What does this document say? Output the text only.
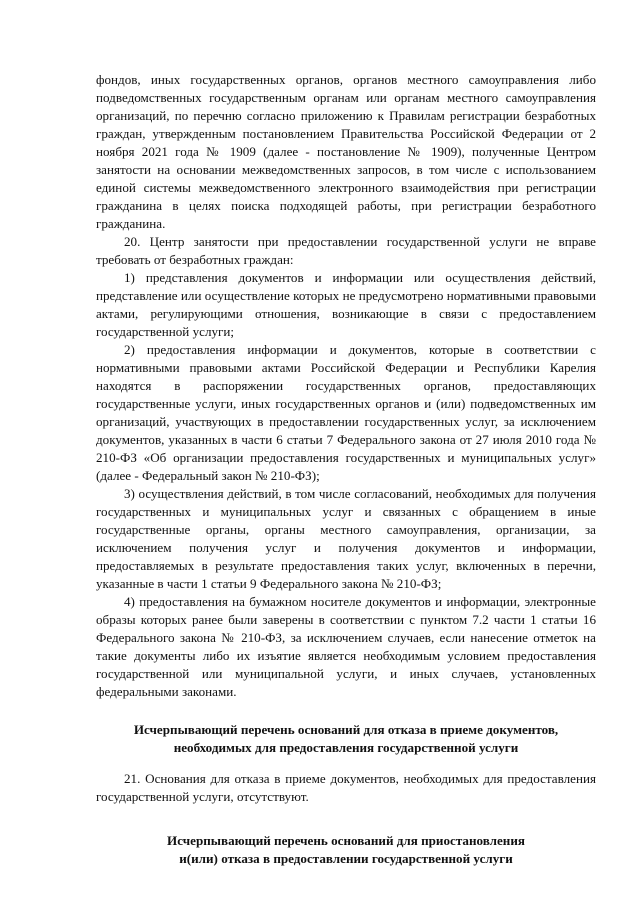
фондов, иных государственных органов, органов местного самоуправления либо подведомственных государственным органам или органам местного самоуправления организаций, по перечню согласно приложению к Правилам регистрации безработных граждан, утвержденным постановлением Правительства Российской Федерации от 2 ноября 2021 года № 1909 (далее - постановление № 1909), полученные Центром занятости на основании межведомственных запросов, в том числе с использованием единой системы межведомственного электронного взаимодействия при регистрации гражданина в целях поиска подходящей работы, при регистрации безработного гражданина.

20. Центр занятости при предоставлении государственной услуги не вправе требовать от безработных граждан:

1) представления документов и информации или осуществления действий, представление или осуществление которых не предусмотрено нормативными правовыми актами, регулирующими отношения, возникающие в связи с предоставлением государственной услуги;

2) предоставления информации и документов, которые в соответствии с нормативными правовыми актами Российской Федерации и Республики Карелия находятся в распоряжении государственных органов, предоставляющих государственные услуги, иных государственных органов и (или) подведомственных им организаций, участвующих в предоставлении государственных услуг, за исключением документов, указанных в части 6 статьи 7 Федерального закона от 27 июля 2010 года № 210-ФЗ «Об организации предоставления государственных и муниципальных услуг» (далее - Федеральный закон № 210-ФЗ);

3) осуществления действий, в том числе согласований, необходимых для получения государственных и муниципальных услуг и связанных с обращением в иные государственные органы, органы местного самоуправления, организации, за исключением получения услуг и получения документов и информации, предоставляемых в результате предоставления таких услуг, включенных в перечни, указанные в части 1 статьи 9 Федерального закона № 210-ФЗ;

4) предоставления на бумажном носителе документов и информации, электронные образы которых ранее были заверены в соответствии с пунктом 7.2 части 1 статьи 16 Федерального закона № 210-ФЗ, за исключением случаев, если нанесение отметок на такие документы либо их изъятие является необходимым условием предоставления государственной или муниципальной услуги, и иных случаев, установленных федеральными законами.

Исчерпывающий перечень оснований для отказа в приеме документов,
необходимых для предоставления государственной услуги

21. Основания для отказа в приеме документов, необходимых для предоставления государственной услуги, отсутствуют.

Исчерпывающий перечень оснований для приостановления
и(или) отказа в предоставлении государственной услуги
